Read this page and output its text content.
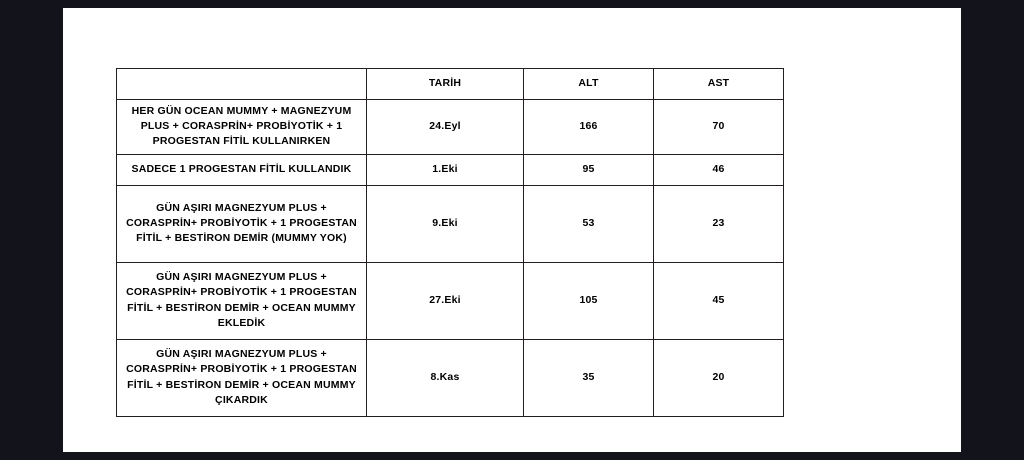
	TARİH	ALT	AST
HER GÜN OCEAN MUMMY + MAGNEZYUM PLUS + CORASPRİN+ PROBİYOTİK + 1 PROGESTAN FİTİL KULLANIRKEN	24.Eyl	166	70
SADECE 1 PROGESTAN FİTİL KULLANDIK	1.Eki	95	46
GÜN AŞIRI MAGNEZYUM PLUS + CORASPRİN+ PROBİYOTİK + 1 PROGESTAN FİTİL + BESTİRON DEMİR (MUMMY YOK)	9.Eki	53	23
GÜN AŞIRI MAGNEZYUM PLUS + CORASPRİN+ PROBİYOTİK + 1 PROGESTAN FİTİL + BESTİRON DEMİR + OCEAN MUMMY EKLEDİK	27.Eki	105	45
GÜN AŞIRI MAGNEZYUM PLUS + CORASPRİN+ PROBİYOTİK + 1 PROGESTAN FİTİL + BESTİRON DEMİR + OCEAN MUMMY ÇIKARDIK	8.Kas	35	20
